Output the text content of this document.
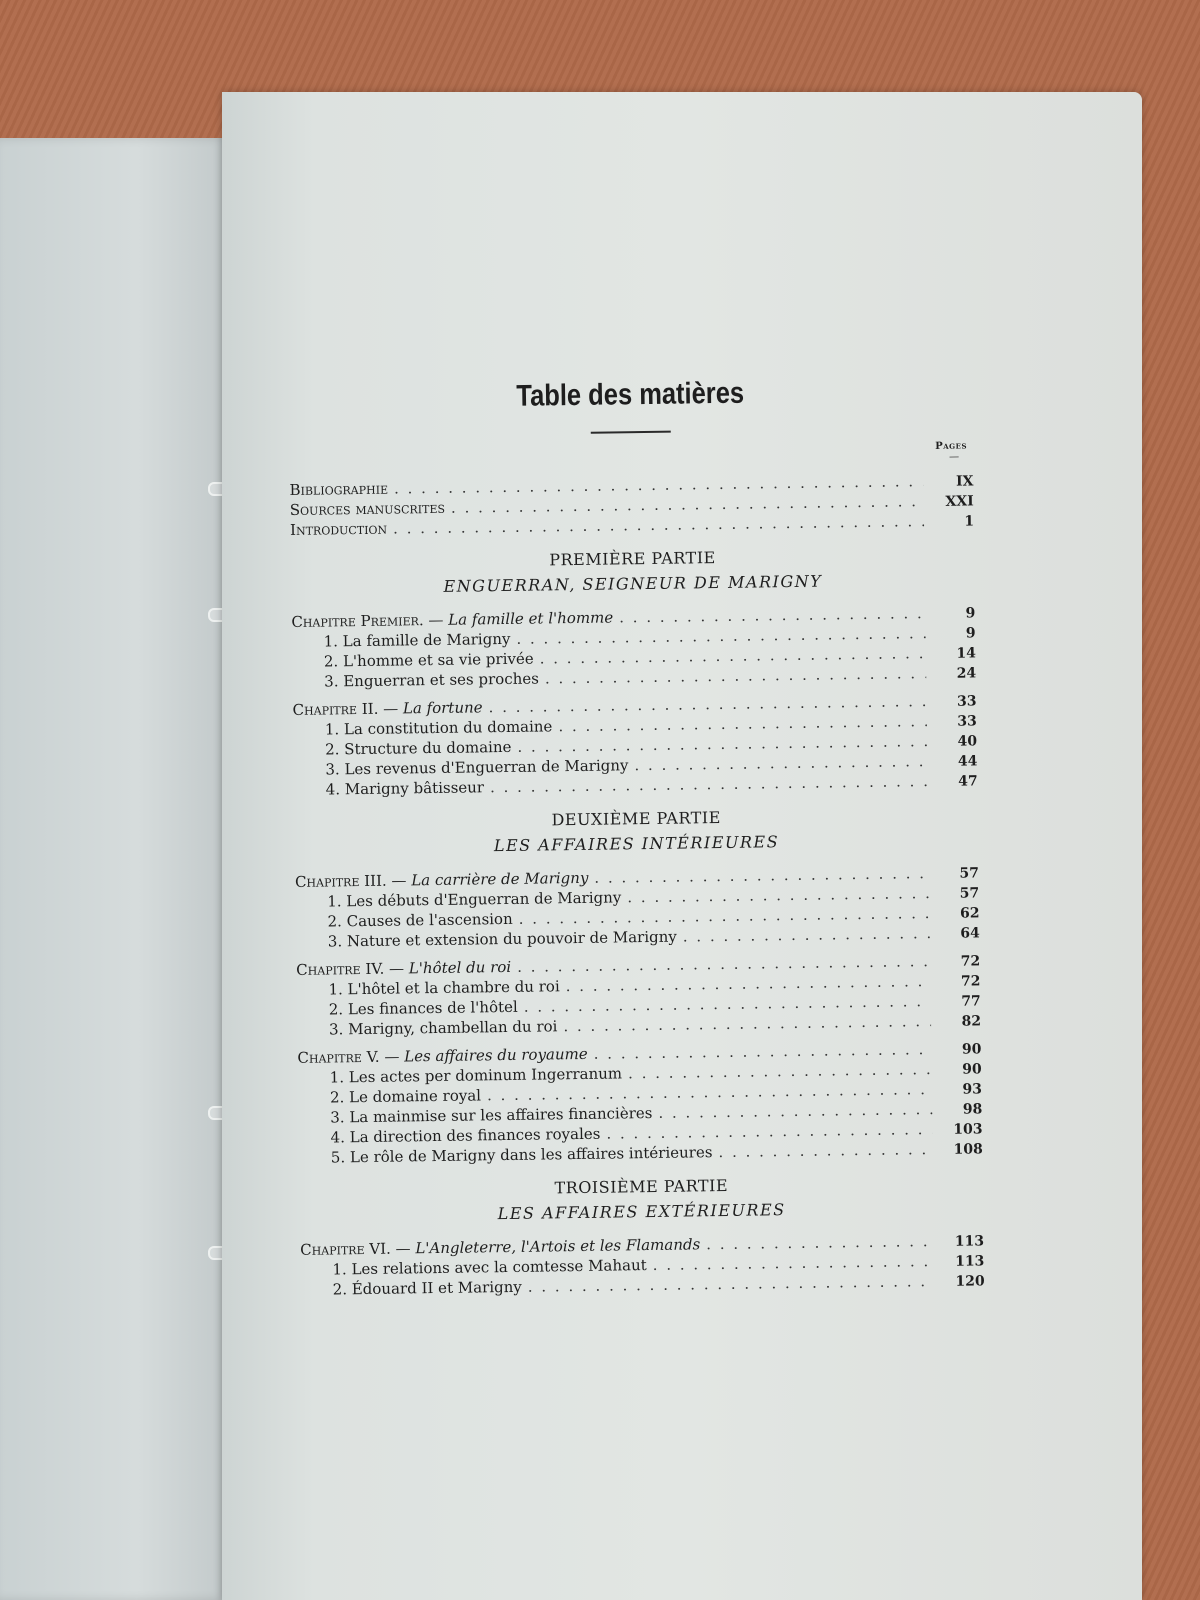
Table des matières
Pages
—
Bibliographie . . .	IX
Sources manuscrites . . .	XXI
Introduction . . .	1
PREMIÈRE PARTIE
ENGUERRAN, SEIGNEUR DE MARIGNY
Chapitre Premier. — La famille et l'homme . . .	9
1. La famille de Marigny . . .	9
2. L'homme et sa vie privée . . .	14
3. Enguerran et ses proches . . .	24
Chapitre II. — La fortune . . .	33
1. La constitution du domaine . . .	33
2. Structure du domaine . . .	40
3. Les revenus d'Enguerran de Marigny . . .	44
4. Marigny bâtisseur . . .	47
DEUXIÈME PARTIE
LES AFFAIRES INTÉRIEURES
Chapitre III. — La carrière de Marigny . . .	57
1. Les débuts d'Enguerran de Marigny . . .	57
2. Causes de l'ascension . . .	62
3. Nature et extension du pouvoir de Marigny . . .	64
Chapitre IV. — L'hôtel du roi . . .	72
1. L'hôtel et la chambre du roi . . .	72
2. Les finances de l'hôtel . . .	77
3. Marigny, chambellan du roi . . .	82
Chapitre V. — Les affaires du royaume . . .	90
1. Les actes per dominum Ingerranum . . .	90
2. Le domaine royal . . .	93
3. La mainmise sur les affaires financières . . .	98
4. La direction des finances royales . . .	103
5. Le rôle de Marigny dans les affaires intérieures . . .	108
TROISIÈME PARTIE
LES AFFAIRES EXTÉRIEURES
Chapitre VI. — L'Angleterre, l'Artois et les Flamands . . .	113
1. Les relations avec la comtesse Mahaut . . .	113
2. Édouard II et Marigny . . .	120
